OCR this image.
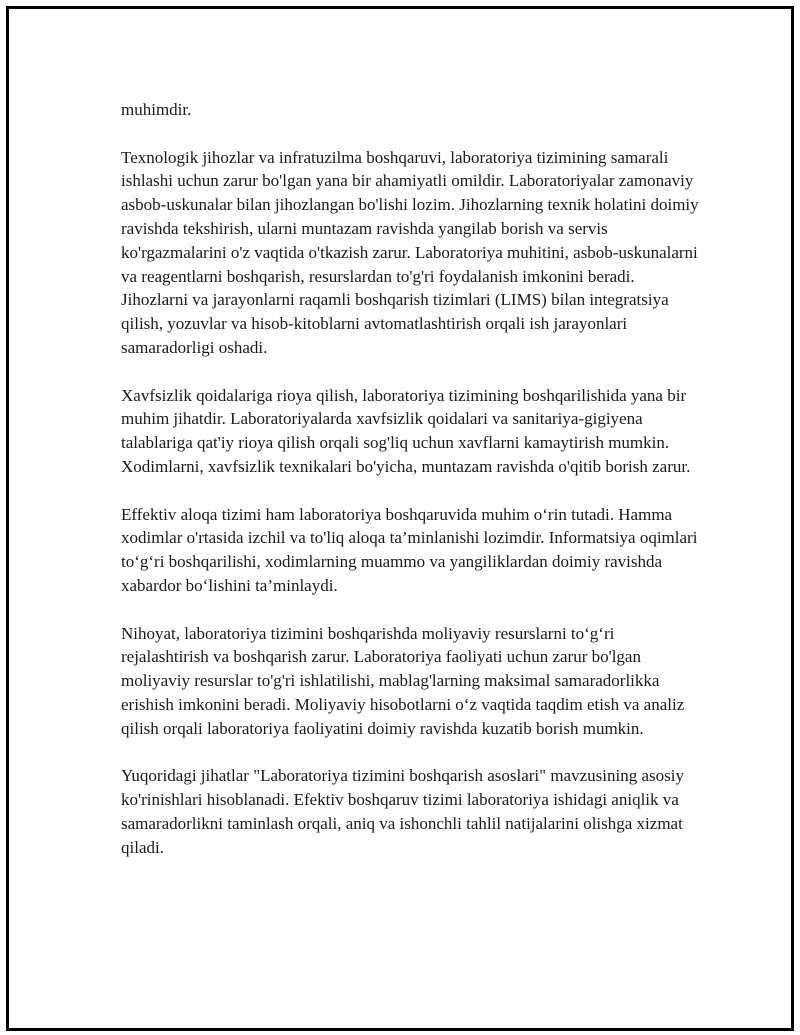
muhimdir.

Texnologik jihozlar va infratuzilma boshqaruvi, laboratoriya tizimining samarali ishlashi uchun zarur bo'lgan yana bir ahamiyatli omildir. Laboratoriyalar zamonaviy asbob-uskunalar bilan jihozlangan bo'lishi lozim. Jihozlarning texnik holatini doimiy ravishda tekshirish, ularni muntazam ravishda yangilab borish va servis ko'rgazmalarini o'z vaqtida o'tkazish zarur. Laboratoriya muhitini, asbob-uskunalarni va reagentlarni boshqarish, resurslardan to'g'ri foydalanish imkonini beradi. Jihozlarni va jarayonlarni raqamli boshqarish tizimlari (LIMS) bilan integratsiya qilish, yozuvlar va hisob-kitoblarni avtomatlashtirish orqali ish jarayonlari samaradorligi oshadi.

Xavfsizlik qoidalariga rioya qilish, laboratoriya tizimining boshqarilishida yana bir muhim jihatdir. Laboratoriyalarda xavfsizlik qoidalari va sanitariya-gigiyena talablariga qat'iy rioya qilish orqali sog'liq uchun xavflarni kamaytirish mumkin. Xodimlarni, xavfsizlik texnikalari bo'yicha, muntazam ravishda o'qitib borish zarur.

Effektiv aloqa tizimi ham laboratoriya boshqaruvida muhim o‘rin tutadi. Hamma xodimlar o'rtasida izchil va to'liq aloqa ta’minlanishi lozimdir. Informatsiya oqimlari to‘g‘ri boshqarilishi, xodimlarning muammo va yangiliklardan doimiy ravishda xabardor bo‘lishini ta’minlaydi.

Nihoyat, laboratoriya tizimini boshqarishda moliyaviy resurslarni to‘g‘ri rejalashtirish va boshqarish zarur. Laboratoriya faoliyati uchun zarur bo'lgan moliyaviy resurslar to'g'ri ishlatilishi, mablag'larning maksimal samaradorlikka erishish imkonini beradi. Moliyaviy hisobotlarni o‘z vaqtida taqdim etish va analiz qilish orqali laboratoriya faoliyatini doimiy ravishda kuzatib borish mumkin.

Yuqoridagi jihatlar "Laboratoriya tizimini boshqarish asoslari" mavzusining asosiy ko'rinishlari hisoblanadi. Efektiv boshqaruv tizimi laboratoriya ishidagi aniqlik va samaradorlikni taminlash orqali, aniq va ishonchli tahlil natijalarini olishga xizmat qiladi.
